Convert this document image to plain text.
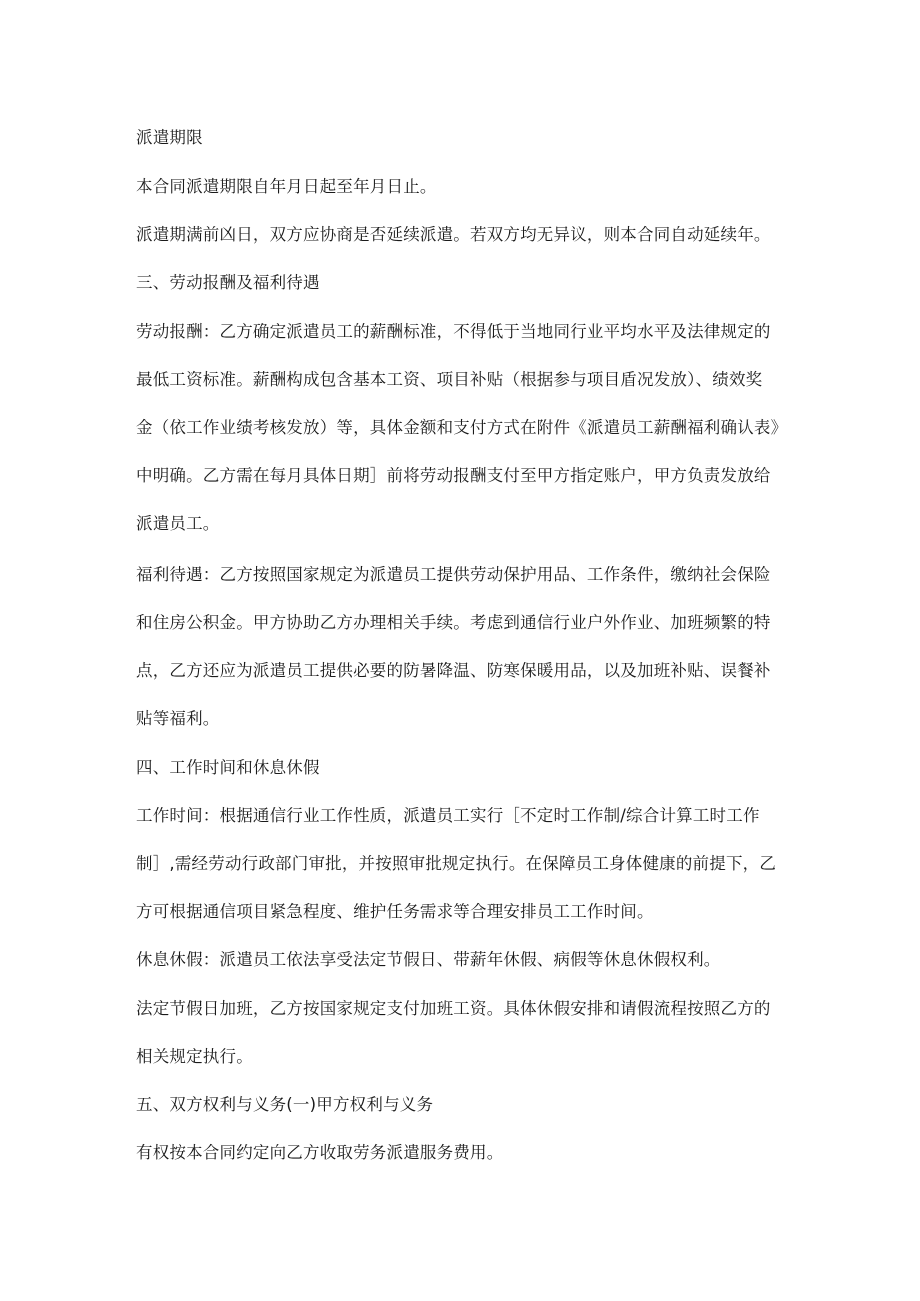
派遣期限

本合同派遣期限自年月日起至年月日止。

派遣期满前凶日，双方应协商是否延续派遣。若双方均无异议，则本合同自动延续年。

三、劳动报酬及福利待遇

劳动报酬：乙方确定派遣员工的薪酬标准，不得低于当地同行业平均水平及法律规定的

最低工资标准。薪酬构成包含基本工资、项目补贴（根据参与项目盾况发放）、绩效奖

金（依工作业绩考核发放）等，具体金额和支付方式在附件《派遣员工薪酬福利确认表》

中明确。乙方需在每月具体日期］前将劳动报酬支付至甲方指定账户，甲方负责发放给

派遣员工。

福利待遇：乙方按照国家规定为派遣员工提供劳动保护用品、工作条件，缴纳社会保险

和住房公积金。甲方协助乙方办理相关手续。考虑到通信行业户外作业、加班频繁的特

点，乙方还应为派遣员工提供必要的防暑降温、防寒保暖用品，以及加班补贴、误餐补

贴等福利。

四、工作时间和休息休假

工作时间：根据通信行业工作性质，派遣员工实行［不定时工作制/综合计算工时工作

制］,需经劳动行政部门审批，并按照审批规定执行。在保障员工身体健康的前提下，乙

方可根据通信项目紧急程度、维护任务需求等合理安排员工工作时间。

休息休假：派遣员工依法享受法定节假日、带薪年休假、病假等休息休假权利。

法定节假日加班，乙方按国家规定支付加班工资。具体休假安排和请假流程按照乙方的

相关规定执行。

五、双方权利与义务(一)甲方权利与义务

有权按本合同约定向乙方收取劳务派遣服务费用。
